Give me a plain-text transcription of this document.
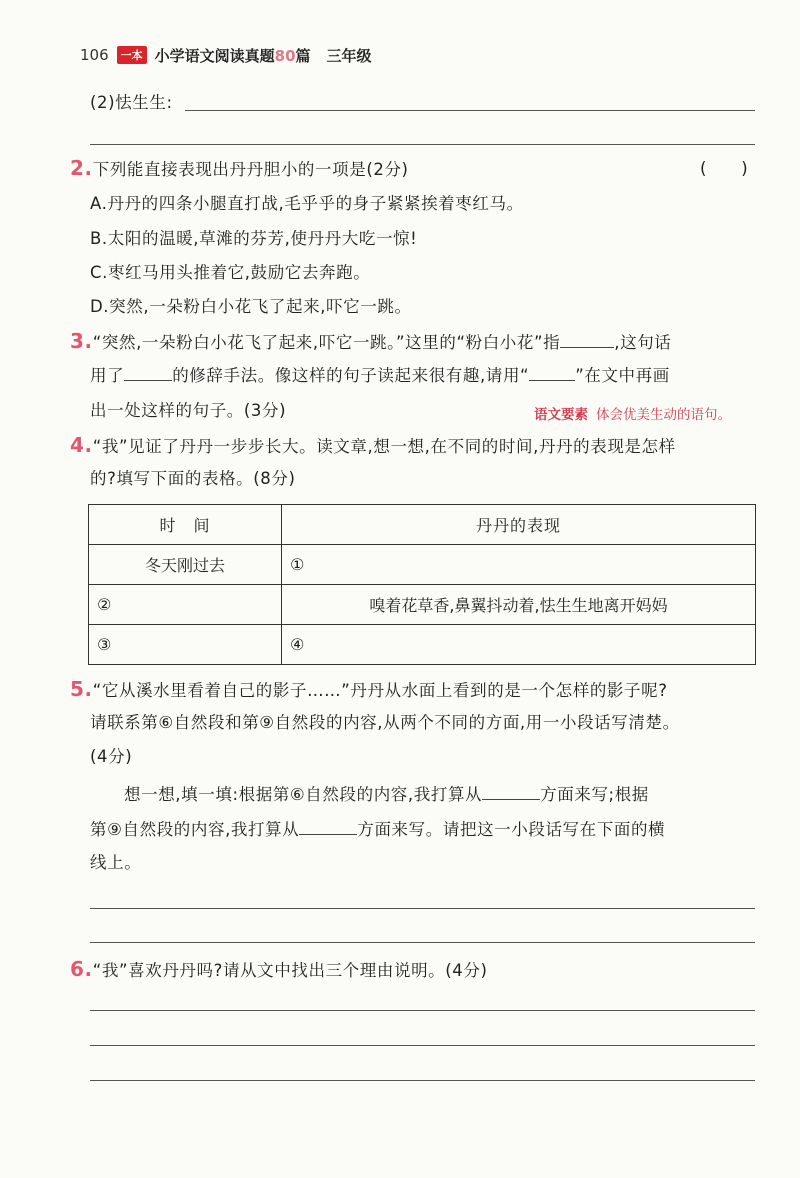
106	一本 小学语文阅读真题80篇 三年级
(2)怯生生:
2.下列能直接表现出丹丹胆小的一项是(2分)	(　　)
A.丹丹的四条小腿直打战,毛乎乎的身子紧紧挨着枣红马。
B.太阳的温暖,草滩的芬芳,使丹丹大吃一惊!
C.枣红马用头推着它,鼓励它去奔跑。
D.突然,一朵粉白小花飞了起来,吓它一跳。
3.“突然,一朵粉白小花飞了起来,吓它一跳。”这里的“粉白小花”指	,这句话
用了	的修辞手法。像这样的句子读起来很有趣,请用“	”在文中再画
出一处这样的句子。(3分)	语文要素 体会优美生动的语句。
4.“我”见证了丹丹一步步长大。读文章,想一想,在不同的时间,丹丹的表现是怎样
的?填写下面的表格。(8分)
时　间	丹丹的表现
冬天刚过去	①
②	嗅着花草香,鼻翼抖动着,怯生生地离开妈妈
③	④
5.“它从溪水里看着自己的影子……”丹丹从水面上看到的是一个怎样的影子呢?
请联系第⑥自然段和第⑨自然段的内容,从两个不同的方面,用一小段话写清楚。
(4分)
想一想,填一填:根据第⑥自然段的内容,我打算从	方面来写;根据
第⑨自然段的内容,我打算从	方面来写。请把这一小段话写在下面的横
线上。
6.“我”喜欢丹丹吗?请从文中找出三个理由说明。(4分)
